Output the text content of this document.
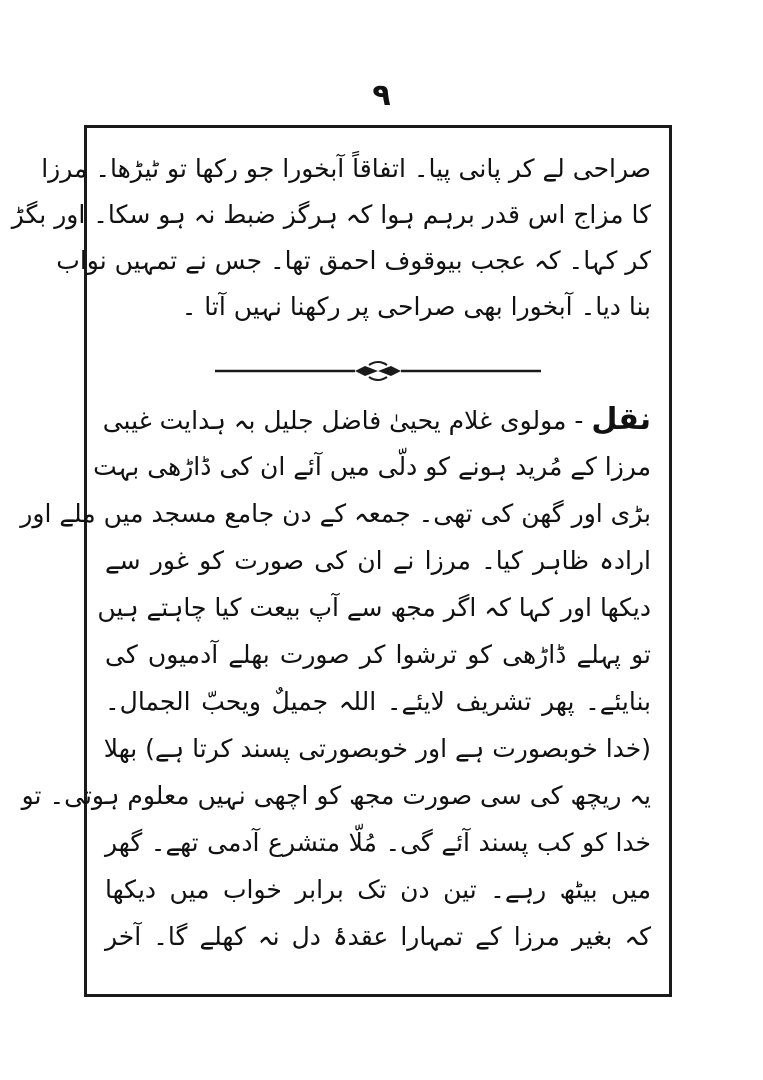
۹
صراحی لے کر پانی پیا۔ اتفاقاً آبخورا جو رکھا تو ٹیڑھا۔ مرزا
کا مزاج اس قدر برہم ہوا کہ ہرگز ضبط نہ ہو سکا۔ اور بگڑ
کر کہا۔ کہ عجب بیوقوف احمق تھا۔ جس نے تمہیں نواب
بنا دیا۔ آبخورا بھی صراحی پر رکھنا نہیں آتا ۔
نقل - مولوی غلام یحییٰ فاضل جلیل بہ ہدایت غیبی
مرزا کے مُرید ہونے کو دلّی میں آئے ان کی ڈاڑھی بہت
بڑی اور گھن کی تھی۔ جمعہ کے دن جامع مسجد میں ملے اور
ارادہ ظاہر کیا۔ مرزا نے ان کی صورت کو غور سے
دیکھا اور کہا کہ اگر مجھ سے آپ بیعت کیا چاہتے ہیں
تو پہلے ڈاڑھی کو ترشوا کر صورت بھلے آدمیوں کی
بنایئے۔ پھر تشریف لایئے۔ اللہ جمیلٌ ویحبّ الجمال۔
(خدا خوبصورت ہے اور خوبصورتی پسند کرتا ہے) بھلا
یہ ریچھ کی سی صورت مجھ کو اچھی نہیں معلوم ہوتی۔ تو
خدا کو کب پسند آئے گی۔ مُلّا متشرع آدمی تھے۔ گھر
میں بیٹھ رہے۔ تین دن تک برابر خواب میں دیکھا
کہ بغیر مرزا کے تمہارا عقدۂ دل نہ کھلے گا۔ آخر
